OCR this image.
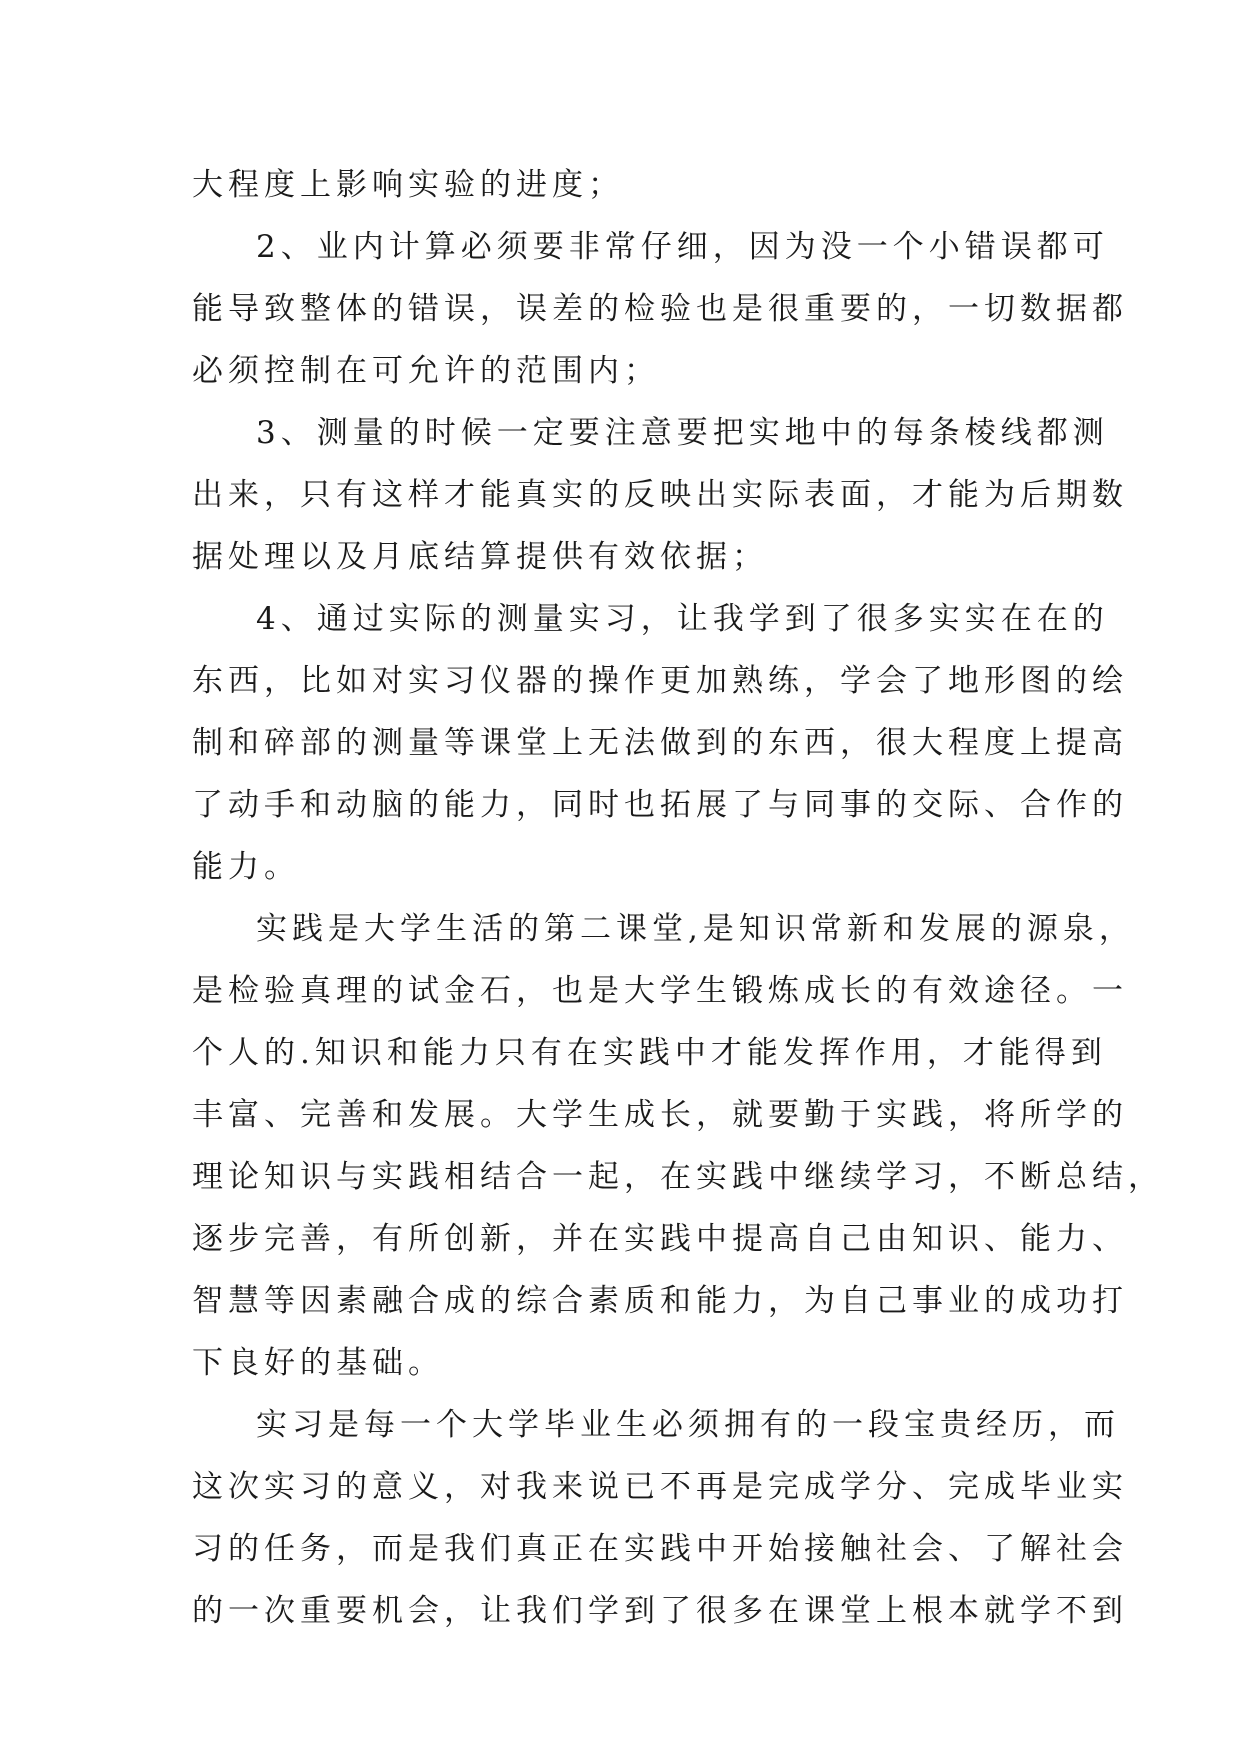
大程度上影响实验的进度；
2、业内计算必须要非常仔细，因为没一个小错误都可
能导致整体的错误，误差的检验也是很重要的，一切数据都
必须控制在可允许的范围内；
3、测量的时候一定要注意要把实地中的每条棱线都测
出来，只有这样才能真实的反映出实际表面，才能为后期数
据处理以及月底结算提供有效依据；
4、通过实际的测量实习，让我学到了很多实实在在的
东西，比如对实习仪器的操作更加熟练，学会了地形图的绘
制和碎部的测量等课堂上无法做到的东西，很大程度上提高
了动手和动脑的能力，同时也拓展了与同事的交际、合作的
能力。
实践是大学生活的第二课堂,是知识常新和发展的源泉，
是检验真理的试金石，也是大学生锻炼成长的有效途径。一
个人的.知识和能力只有在实践中才能发挥作用，才能得到
丰富、完善和发展。大学生成长，就要勤于实践，将所学的
理论知识与实践相结合一起，在实践中继续学习，不断总结，
逐步完善，有所创新，并在实践中提高自己由知识、能力、
智慧等因素融合成的综合素质和能力，为自己事业的成功打
下良好的基础。
实习是每一个大学毕业生必须拥有的一段宝贵经历，而
这次实习的意义，对我来说已不再是完成学分、完成毕业实
习的任务，而是我们真正在实践中开始接触社会、了解社会
的一次重要机会，让我们学到了很多在课堂上根本就学不到
